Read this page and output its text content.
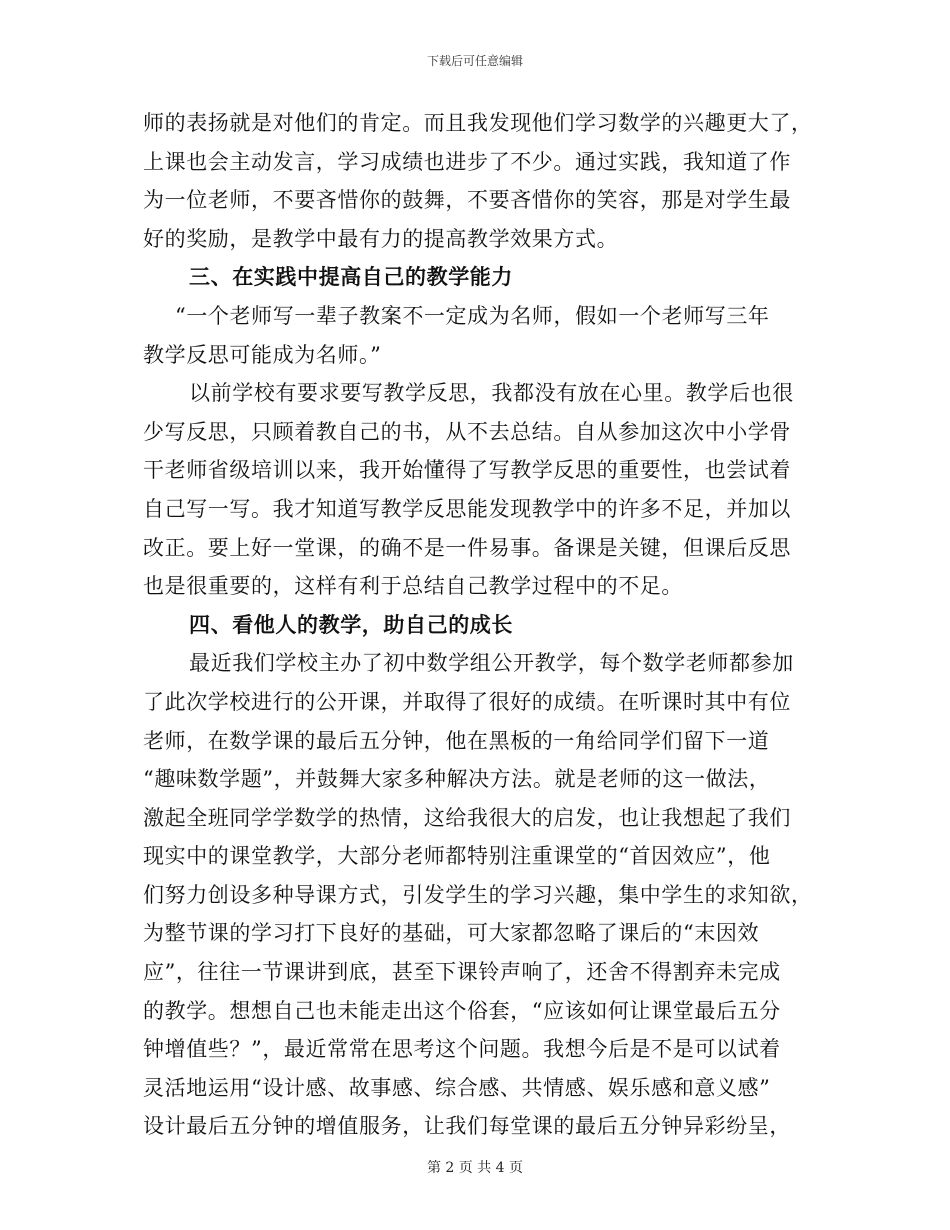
下载后可任意编辑
师的表扬就是对他们的肯定。而且我发现他们学习数学的兴趣更大了，
上课也会主动发言，学习成绩也进步了不少。通过实践，我知道了作
为一位老师，不要吝惜你的鼓舞，不要吝惜你的笑容，那是对学生最
好的奖励，是教学中最有力的提高教学效果方式。
三、在实践中提高自己的教学能力
“一个老师写一辈子教案不一定成为名师，假如一个老师写三年
教学反思可能成为名师。”
以前学校有要求要写教学反思，我都没有放在心里。教学后也很
少写反思，只顾着教自己的书，从不去总结。自从参加这次中小学骨
干老师省级培训以来，我开始懂得了写教学反思的重要性，也尝试着
自己写一写。我才知道写教学反思能发现教学中的许多不足，并加以
改正。要上好一堂课，的确不是一件易事。备课是关键，但课后反思
也是很重要的，这样有利于总结自己教学过程中的不足。
四、看他人的教学，助自己的成长
最近我们学校主办了初中数学组公开教学，每个数学老师都参加
了此次学校进行的公开课，并取得了很好的成绩。在听课时其中有位
老师，在数学课的最后五分钟，他在黑板的一角给同学们留下一道
“趣味数学题”，并鼓舞大家多种解决方法。就是老师的这一做法，
激起全班同学学数学的热情，这给我很大的启发，也让我想起了我们
现实中的课堂教学，大部分老师都特别注重课堂的“首因效应”，他
们努力创设多种导课方式，引发学生的学习兴趣，集中学生的求知欲，
为整节课的学习打下良好的基础，可大家都忽略了课后的“末因效
应”，往往一节课讲到底，甚至下课铃声响了，还舍不得割弃未完成
的教学。想想自己也未能走出这个俗套，“应该如何让课堂最后五分
钟增值些？”，最近常常在思考这个问题。我想今后是不是可以试着
灵活地运用“设计感、故事感、综合感、共情感、娱乐感和意义感”
设计最后五分钟的增值服务，让我们每堂课的最后五分钟异彩纷呈，
第 2 页 共 4 页
